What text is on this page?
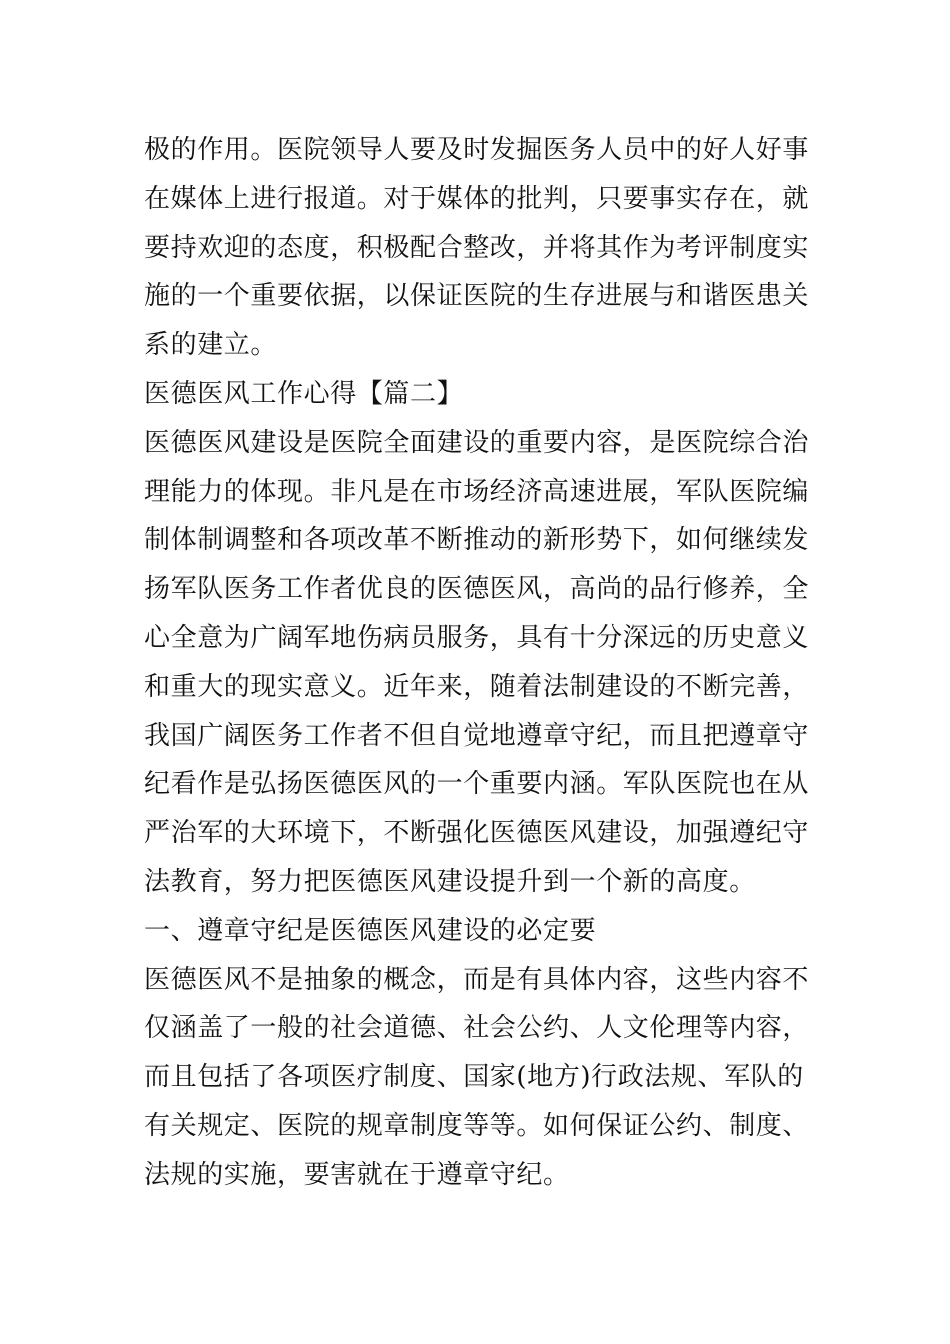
极的作用。医院领导人要及时发掘医务人员中的好人好事
在媒体上进行报道。对于媒体的批判，只要事实存在，就
要持欢迎的态度，积极配合整改，并将其作为考评制度实
施的一个重要依据，以保证医院的生存进展与和谐医患关
系的建立。
医德医风工作心得【篇二】
医德医风建设是医院全面建设的重要内容，是医院综合治
理能力的体现。非凡是在市场经济高速进展，军队医院编
制体制调整和各项改革不断推动的新形势下，如何继续发
扬军队医务工作者优良的医德医风，高尚的品行修养，全
心全意为广阔军地伤病员服务，具有十分深远的历史意义
和重大的现实意义。近年来，随着法制建设的不断完善，
我国广阔医务工作者不但自觉地遵章守纪，而且把遵章守
纪看作是弘扬医德医风的一个重要内涵。军队医院也在从
严治军的大环境下，不断强化医德医风建设，加强遵纪守
法教育，努力把医德医风建设提升到一个新的高度。
一、遵章守纪是医德医风建设的必定要
医德医风不是抽象的概念，而是有具体内容，这些内容不
仅涵盖了一般的社会道德、社会公约、人文伦理等内容，
而且包括了各项医疗制度、国家(地方)行政法规、军队的
有关规定、医院的规章制度等等。如何保证公约、制度、
法规的实施，要害就在于遵章守纪。
